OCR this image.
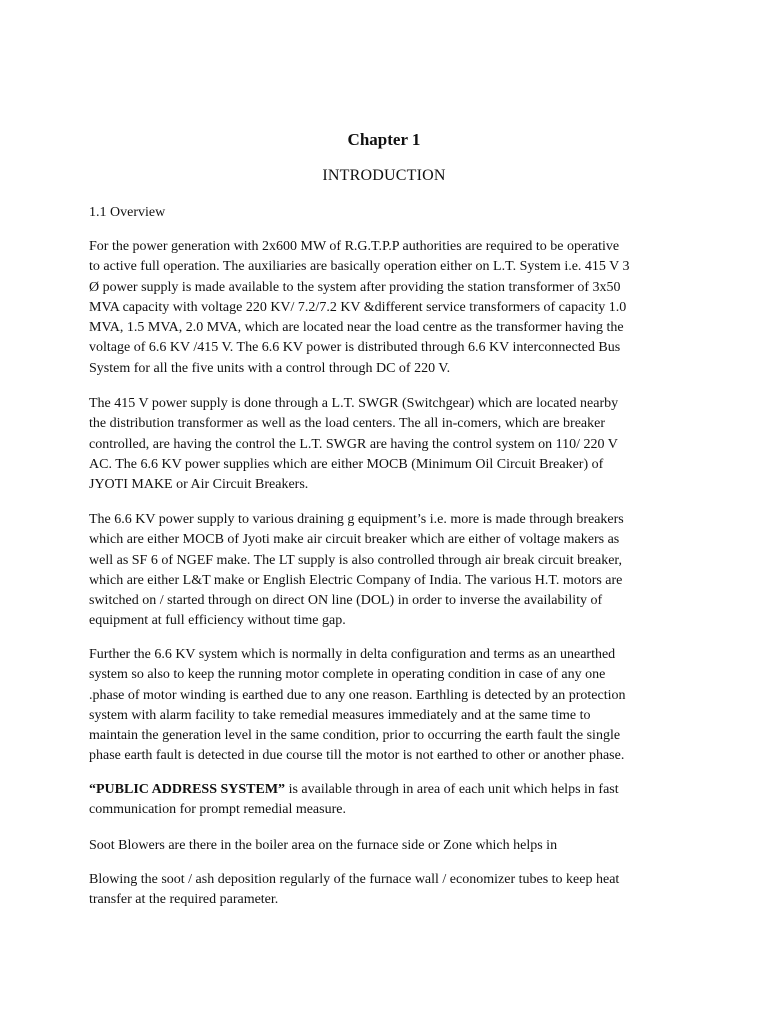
Chapter 1
INTRODUCTION

1.1 Overview

For the power generation with 2x600 MW of R.G.T.P.P authorities are required to be operative
to active full operation. The auxiliaries are basically operation either on L.T. System i.e. 415 V 3
Ø power supply is made available to the system after providing the station transformer of 3x50
MVA capacity with voltage 220 KV/ 7.2/7.2 KV &different service transformers of capacity 1.0
MVA, 1.5 MVA, 2.0 MVA, which are located near the load centre as the transformer having the
voltage of 6.6 KV /415 V. The 6.6 KV power is distributed through 6.6 KV interconnected Bus
System for all the five units with a control through DC of 220 V.

The 415 V power supply is done through a L.T. SWGR (Switchgear) which are located nearby
the distribution transformer as well as the load centers. The all in-comers, which are breaker
controlled, are having the control the L.T. SWGR are having the control system on 110/ 220 V
AC. The 6.6 KV power supplies which are either MOCB (Minimum Oil Circuit Breaker) of
JYOTI MAKE or Air Circuit Breakers.

The 6.6 KV power supply to various draining g equipment’s i.e. more is made through breakers
which are either MOCB of Jyoti make air circuit breaker which are either of voltage makers as
well as SF 6 of NGEF make. The LT supply is also controlled through air break circuit breaker,
which are either L&T make or English Electric Company of India. The various H.T. motors are
switched on / started through on direct ON line (DOL) in order to inverse the availability of
equipment at full efficiency without time gap.

Further the 6.6 KV system which is normally in delta configuration and terms as an unearthed
system so also to keep the running motor complete in operating condition in case of any one
.phase of motor winding is earthed due to any one reason. Earthling is detected by an protection
system with alarm facility to take remedial measures immediately and at the same time to
maintain the generation level in the same condition, prior to occurring the earth fault the single
phase earth fault is detected in due course till the motor is not earthed to other or another phase.

“PUBLIC ADDRESS SYSTEM” is available through in area of each unit which helps in fast
communication for prompt remedial measure.

Soot Blowers are there in the boiler area on the furnace side or Zone which helps in

Blowing the soot / ash deposition regularly of the furnace wall / economizer tubes to keep heat
transfer at the required parameter.
